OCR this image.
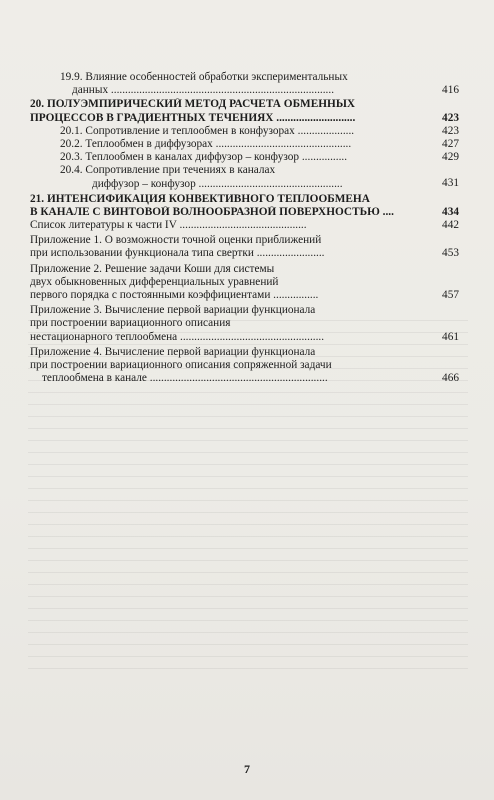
19.9. Влияние особенностей обработки экспериментальных
данных ...............................................................................	416
20. ПОЛУЭМПИРИЧЕСКИЙ МЕТОД РАСЧЕТА ОБМЕННЫХ
ПРОЦЕССОВ В ГРАДИЕНТНЫХ ТЕЧЕНИЯХ ............................	423
20.1. Сопротивление и теплообмен в конфузорах ....................	423
20.2. Теплообмен в диффузорах ................................................	427
20.3. Теплообмен в каналах диффузор – конфузор ................	429
20.4. Сопротивление при течениях в каналах
диффузор – конфузор ...................................................	431
21. ИНТЕНСИФИКАЦИЯ КОНВЕКТИВНОГО ТЕПЛООБМЕНА
В КАНАЛЕ С ВИНТОВОЙ ВОЛНООБРАЗНОЙ ПОВЕРХНОСТЬЮ ....	434
Список литературы к части IV .............................................	442
Приложение 1. О возможности точной оценки приближений
при использовании функционала типа свертки ........................	453
Приложение 2. Решение задачи Коши для системы
двух обыкновенных дифференциальных уравнений
первого порядка с постоянными коэффициентами ................	457
Приложение 3. Вычисление первой вариации функционала
при построении вариационного описания
нестационарного теплообмена ...................................................	461
Приложение 4. Вычисление первой вариации функционала
при построении вариационного описания сопряженной задачи
теплообмена в канале ...............................................................	466
7
